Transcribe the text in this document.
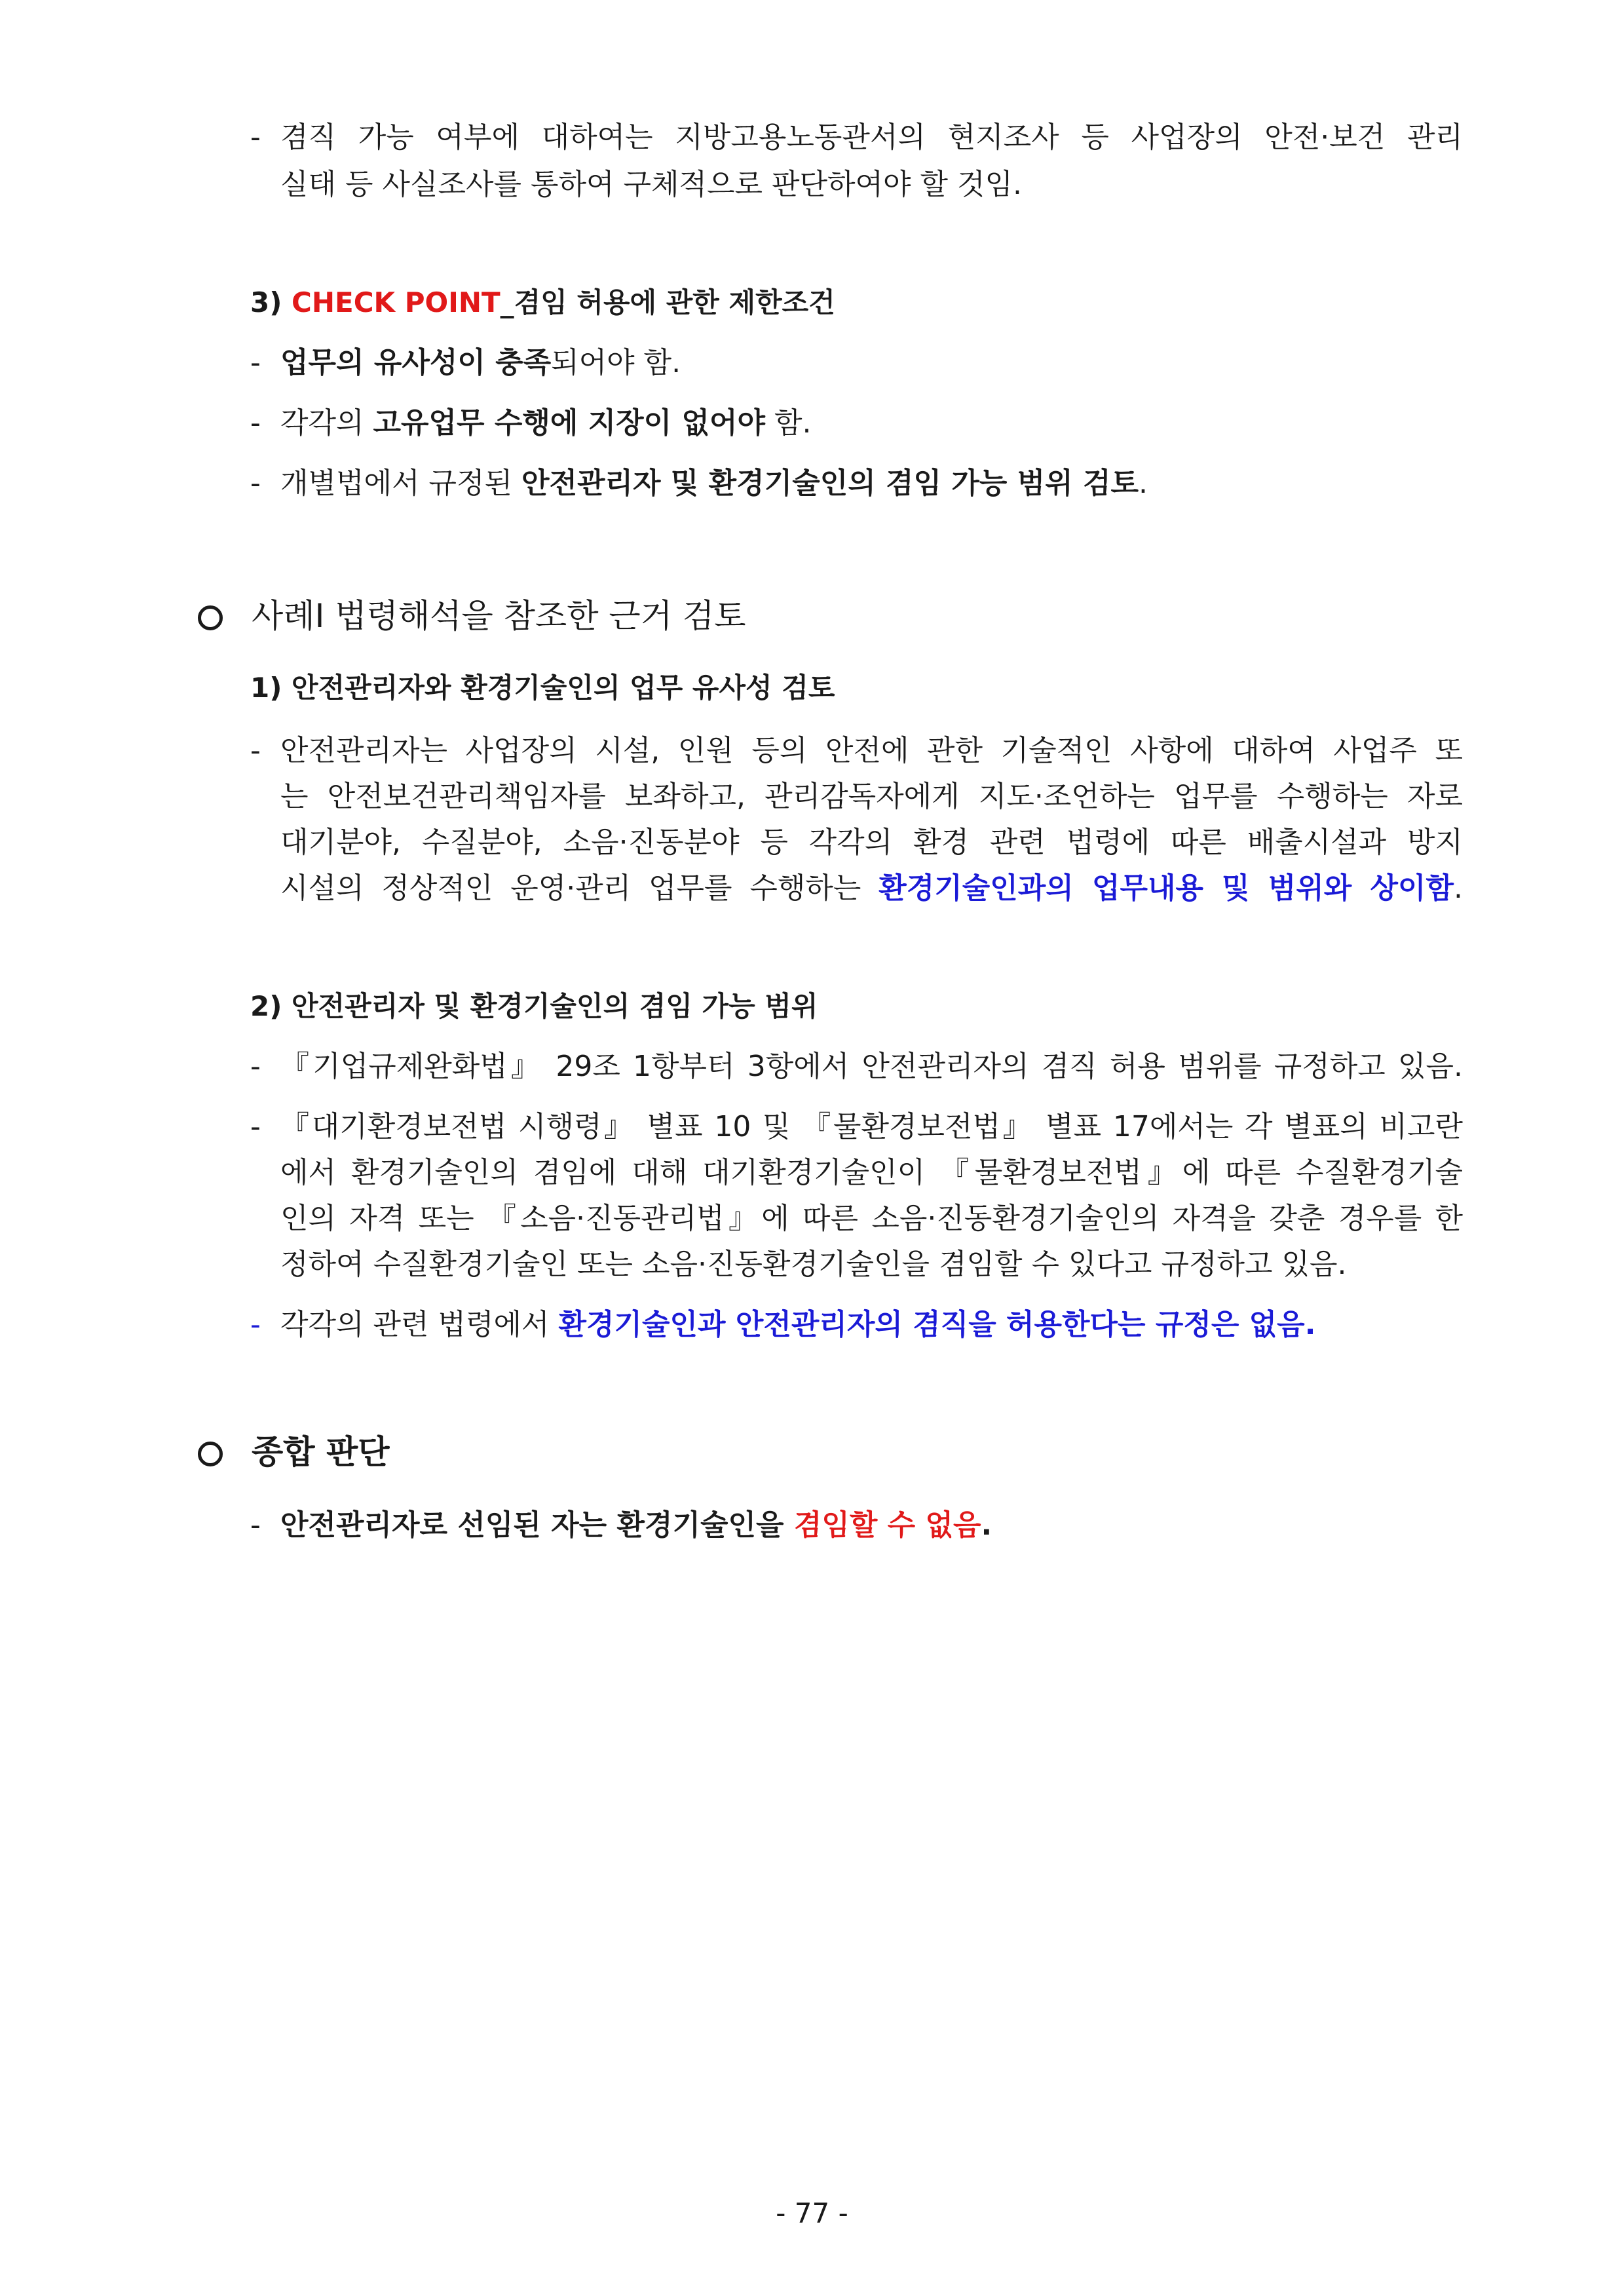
- 겸직 가능 여부에 대하여는 지방고용노동관서의 현지조사 등 사업장의 안전·보건 관리
실태 등 사실조사를 통하여 구체적으로 판단하여야 할 것임.
3) CHECK POINT_겸임 허용에 관한 제한조건
- 업무의 유사성이 충족되어야 함.
- 각각의 고유업무 수행에 지장이 없어야 함.
- 개별법에서 규정된 안전관리자 및 환경기술인의 겸임 가능 범위 검토.
사례Ⅰ 법령해석을 참조한 근거 검토
1) 안전관리자와 환경기술인의 업무 유사성 검토
- 안전관리자는 사업장의 시설, 인원 등의 안전에 관한 기술적인 사항에 대하여 사업주 또
는 안전보건관리책임자를 보좌하고, 관리감독자에게 지도·조언하는 업무를 수행하는 자로
대기분야, 수질분야, 소음·진동분야 등 각각의 환경 관련 법령에 따른 배출시설과 방지
시설의 정상적인 운영·관리 업무를 수행하는 환경기술인과의 업무내용 및 범위와 상이함.
2) 안전관리자 및 환경기술인의 겸임 가능 범위
- 『기업규제완화법』 29조 1항부터 3항에서 안전관리자의 겸직 허용 범위를 규정하고 있음.
- 『대기환경보전법 시행령』 별표 10 및 『물환경보전법』 별표 17에서는 각 별표의 비고란
에서 환경기술인의 겸임에 대해 대기환경기술인이 『물환경보전법』에 따른 수질환경기술
인의 자격 또는 『소음·진동관리법』에 따른 소음·진동환경기술인의 자격을 갖춘 경우를 한
정하여 수질환경기술인 또는 소음·진동환경기술인을 겸임할 수 있다고 규정하고 있음.
- 각각의 관련 법령에서 환경기술인과 안전관리자의 겸직을 허용한다는 규정은 없음.
종합 판단
- 안전관리자로 선임된 자는 환경기술인을 겸임할 수 없음.
- 77 -
